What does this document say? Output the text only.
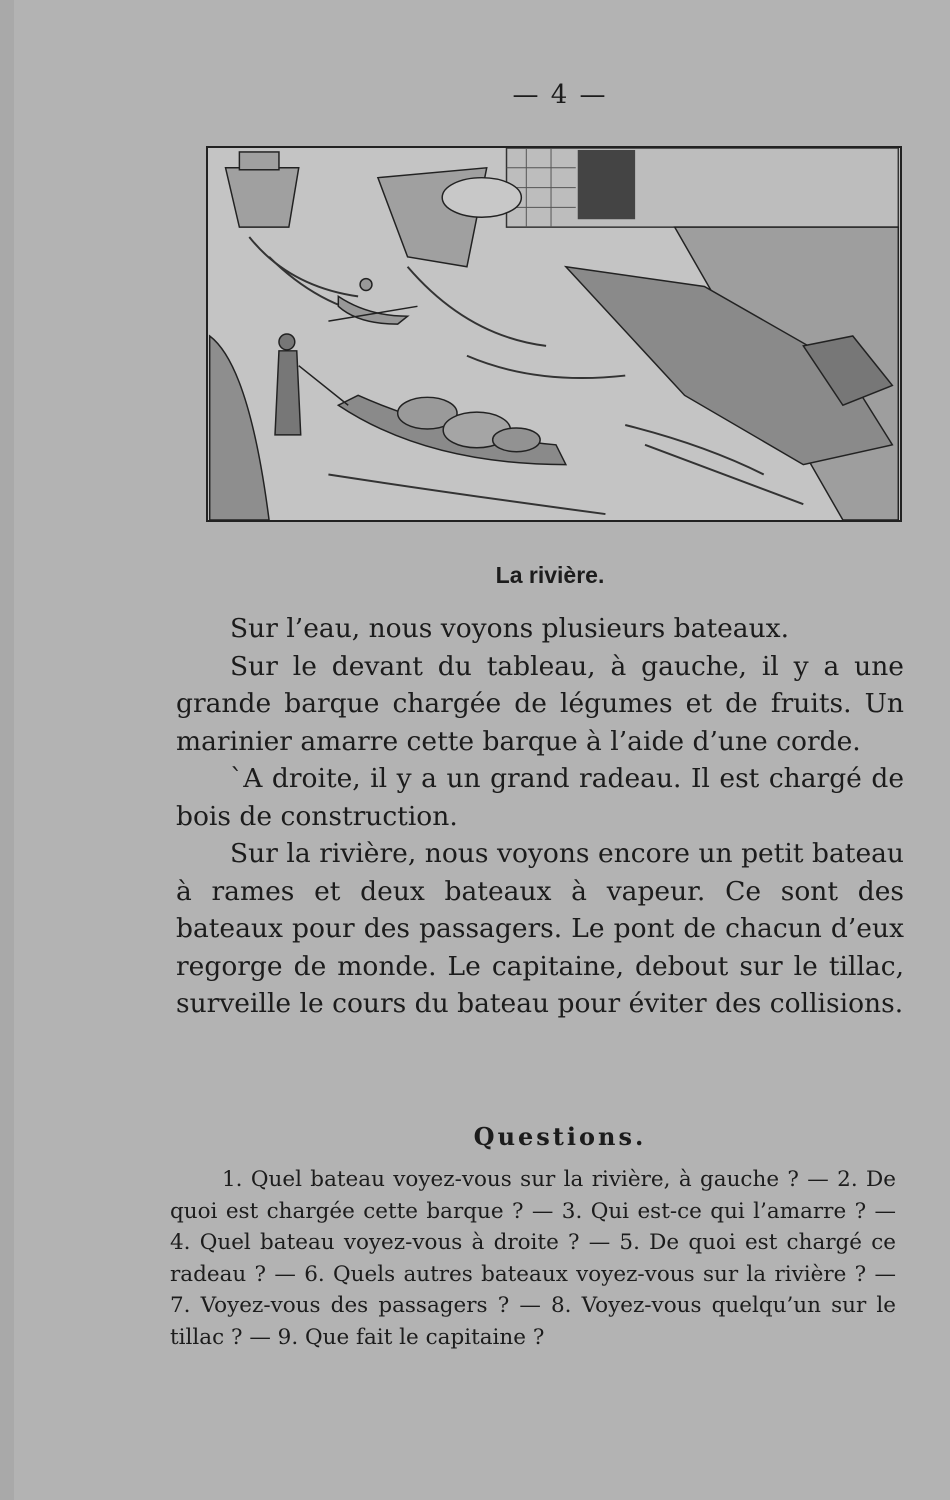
— 4 —
La rivière.

Sur l’eau, nous voyons plusieurs bateaux.

Sur le devant du tableau, à gauche, il y a une grande barque chargée de légumes et de fruits. Un marinier amarre cette barque à l’aide d’une corde.

`A droite, il y a un grand radeau. Il est chargé de bois de construction.

Sur la rivière, nous voyons encore un petit bateau à rames et deux bateaux à vapeur. Ce sont des bateaux pour des passagers. Le pont de chacun d’eux regorge de monde. Le capitaine, debout sur le tillac, surveille le cours du bateau pour éviter des collisions.

Questions.
1. Quel bateau voyez-vous sur la rivière, à gauche ? — 2. De quoi est chargée cette barque ? — 3. Qui est-ce qui l’amarre ? — 4. Quel bateau voyez-vous à droite ? — 5. De quoi est chargé ce radeau ? — 6. Quels autres bateaux voyez-vous sur la rivière ? — 7. Voyez-vous des passagers ? — 8. Voyez-vous quelqu’un sur le tillac ? — 9. Que fait le capitaine ?
